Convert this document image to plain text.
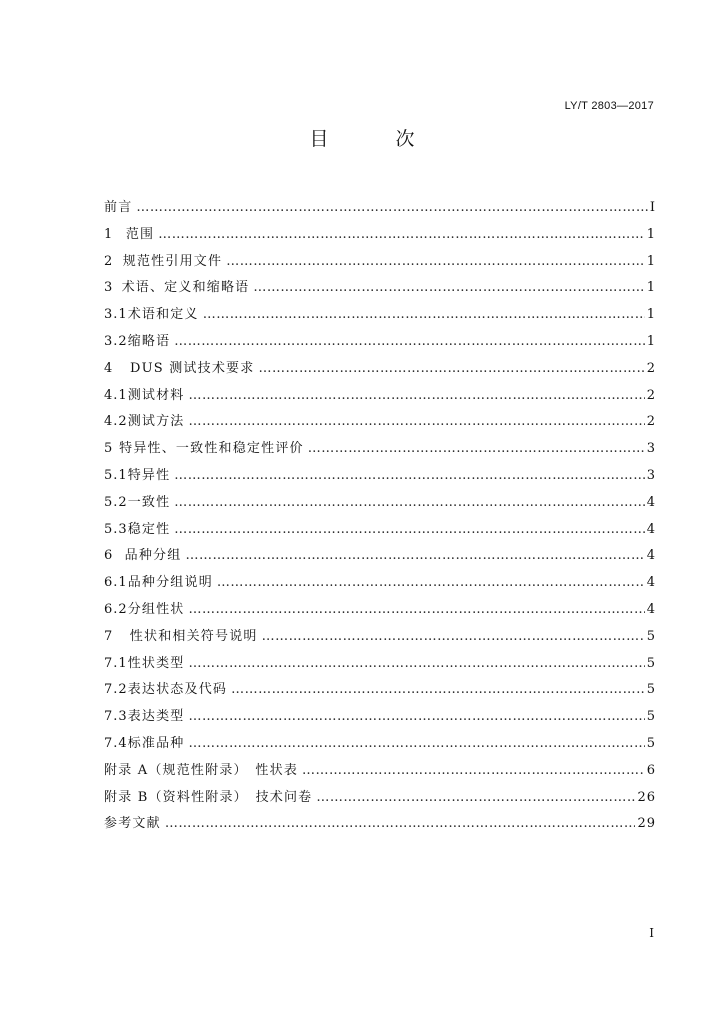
LY/T 2803—2017
目　次
前言 ………………………………………………………………………………………………………………………………………………………………………………	I
1 范围 ………………………………………………………………………………………………………………………………………………………………………………	1
2 规范性引用文件 ………………………………………………………………………………………………………………………………………………………………………………	1
3 术语、定义和缩略语 ………………………………………………………………………………………………………………………………………………………………………………	1
3.1 术语和定义 ………………………………………………………………………………………………………………………………………………………………………………	1
3.2 缩略语 ………………………………………………………………………………………………………………………………………………………………………………	1
4	DUS 测试技术要求 ………………………………………………………………………………………………………………………………………………………………………………	2
4.1 测试材料 ………………………………………………………………………………………………………………………………………………………………………………	2
4.2 测试方法 ………………………………………………………………………………………………………………………………………………………………………………	2
5 特异性、一致性和稳定性评价 ………………………………………………………………………………………………………………………………………………………………………………	3
5.1 特异性 ………………………………………………………………………………………………………………………………………………………………………………	3
5.2 一致性 ………………………………………………………………………………………………………………………………………………………………………………	4
5.3 稳定性 ………………………………………………………………………………………………………………………………………………………………………………	4
6 品种分组 ………………………………………………………………………………………………………………………………………………………………………………	4
6.1 品种分组说明 ………………………………………………………………………………………………………………………………………………………………………………	4
6.2 分组性状 ………………………………………………………………………………………………………………………………………………………………………………	4
7	性状和相关符号说明 ………………………………………………………………………………………………………………………………………………………………………………	5
7.1 性状类型 ………………………………………………………………………………………………………………………………………………………………………………	5
7.2 表达状态及代码 ………………………………………………………………………………………………………………………………………………………………………………	5
7.3 表达类型 ………………………………………………………………………………………………………………………………………………………………………………	5
7.4 标准品种 ………………………………………………………………………………………………………………………………………………………………………………	5
附录 A（规范性附录）　性状表 ………………………………………………………………………………………………………………………………………………………………………………	6
附录 B（资料性附录）　技术问卷 ………………………………………………………………………………………………………………………………………………………………………………	26
参考文献 ………………………………………………………………………………………………………………………………………………………………………………	29
I
